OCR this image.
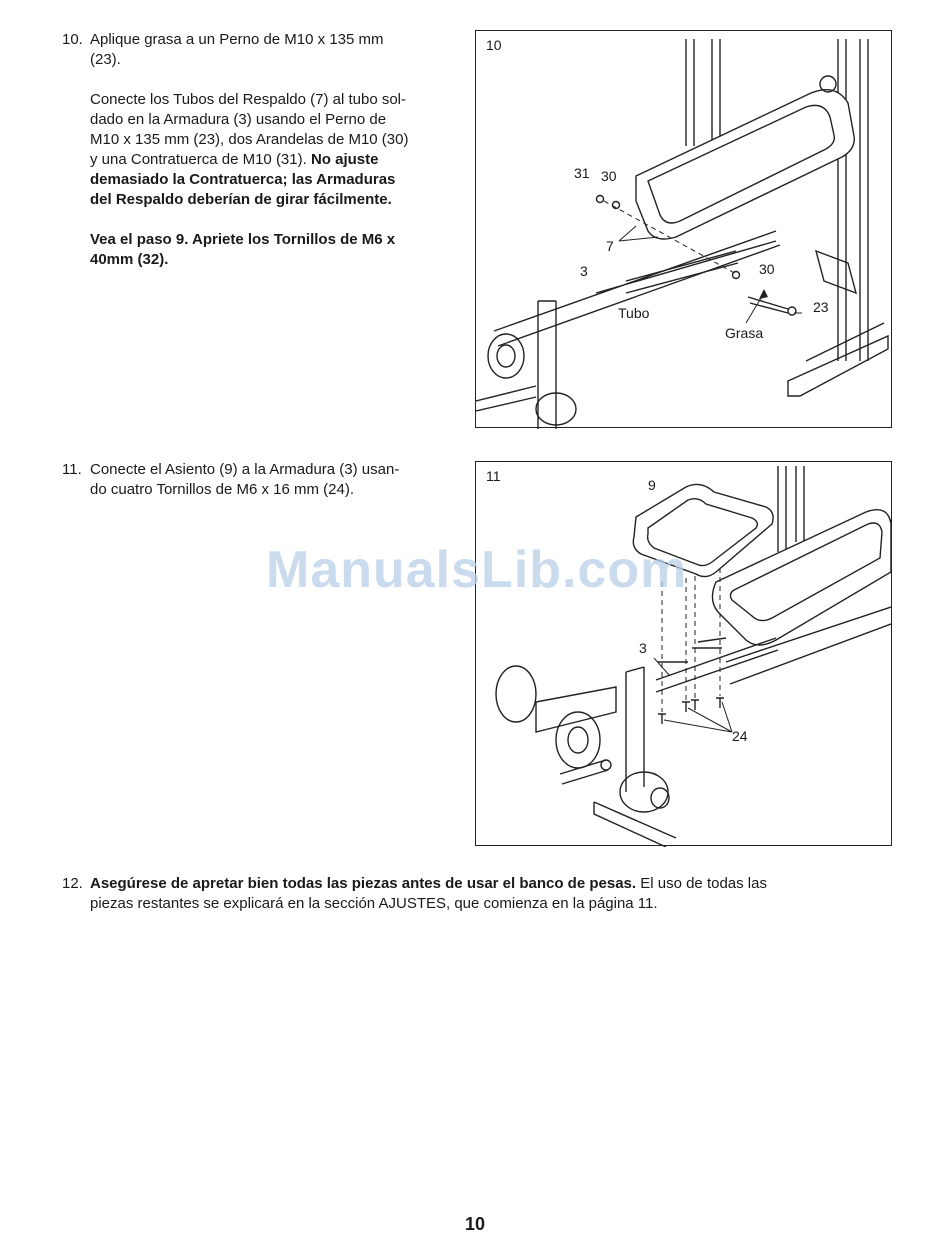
10. Aplique grasa a un Perno de M10 x 135 mm
(23).

Conecte los Tubos del Respaldo (7) al tubo sol-
dado en la Armadura (3) usando el Perno de
M10 x 135 mm (23), dos Arandelas de M10 (30)
y una Contratuerca de M10 (31). No ajuste
demasiado la Contratuerca; las Armaduras
del Respaldo deberían de girar fácilmente.

Vea el paso 9. Apriete los Tornillos de M6 x
40mm (32).

10
31 30
7
3	30
23
Tubo
Grasa
11. Conecte el Asiento (9) a la Armadura (3) usan-
do cuatro Tornillos de M6 x 16 mm (24).

11
9
3
24
12. Asegúrese de apretar bien todas las piezas antes de usar el banco de pesas. El uso de todas las
piezas restantes se explicará en la sección AJUSTES, que comienza en la página 11.

ManualsLib.com
10
